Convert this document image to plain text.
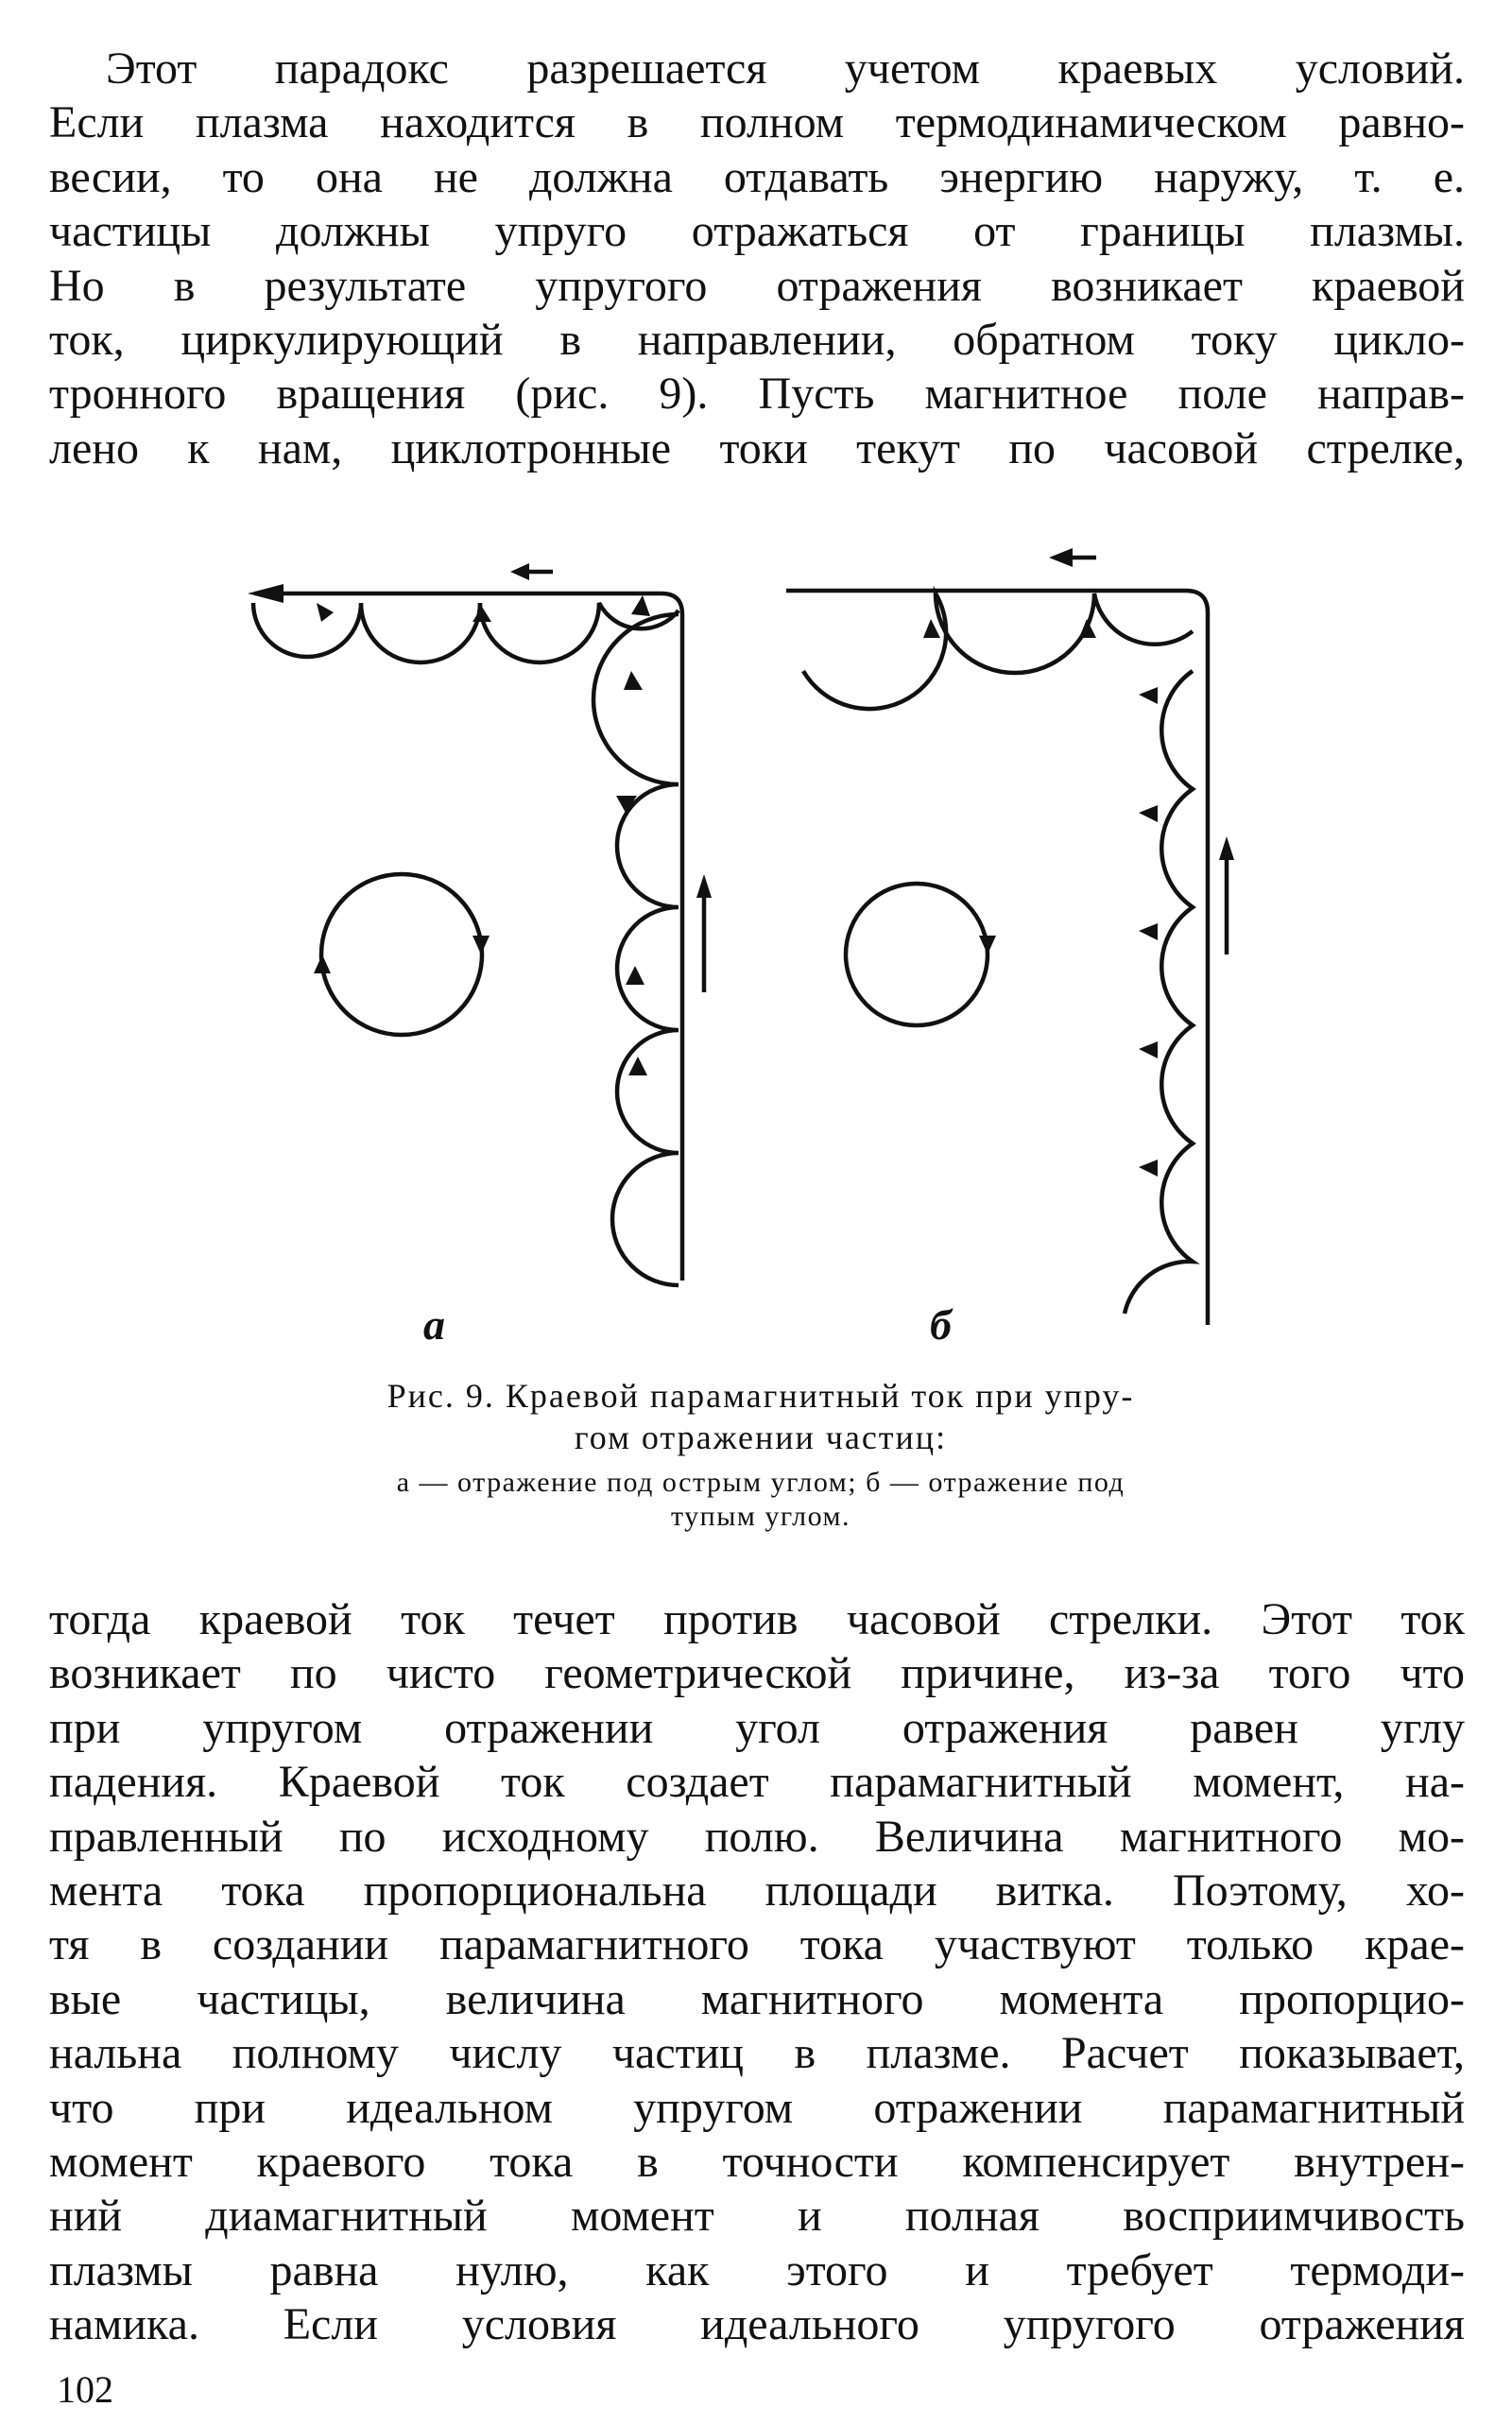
Этот парадокс разрешается учетом краевых условий.
Если плазма находится в полном термодинамическом равно-
весии, то она не должна отдавать энергию наружу, т. е.
частицы должны упруго отражаться от границы плазмы.
Но в результате упругого отражения возникает краевой
ток, циркулирующий в направлении, обратном току цикло-
тронного вращения (рис. 9). Пусть магнитное поле направ-
лено к нам, циклотронные токи текут по часовой стрелке,
а	б
Рис. 9. Краевой парамагнитный ток при упру-
гом отражении частиц:
а — отражение под острым углом; б — отражение под
тупым углом.
тогда краевой ток течет против часовой стрелки. Этот ток
возникает по чисто геометрической причине, из-за того что
при упругом отражении угол отражения равен углу
падения. Краевой ток создает парамагнитный момент, на-
правленный по исходному полю. Величина магнитного мо-
мента тока пропорциональна площади витка. Поэтому, хо-
тя в создании парамагнитного тока участвуют только крае-
вые частицы, величина магнитного момента пропорцио-
нальна полному числу частиц в плазме. Расчет показывает,
что при идеальном упругом отражении парамагнитный
момент краевого тока в точности компенсирует внутрен-
ний диамагнитный момент и полная восприимчивость
плазмы равна нулю, как этого и требует термоди-
намика. Если условия идеального упругого отражения
102
